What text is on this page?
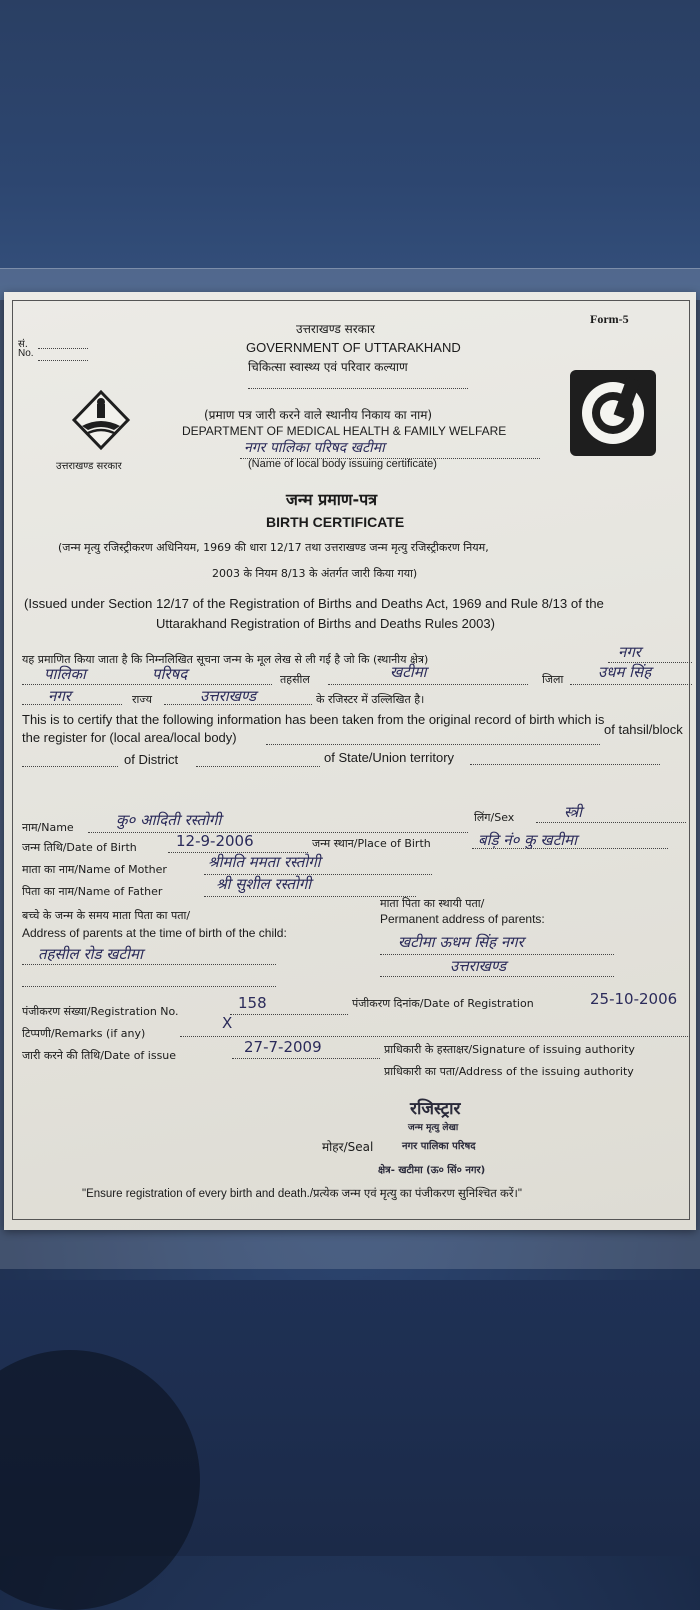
सं.
No.
Form-5
उत्तराखण्ड सरकार
GOVERNMENT OF UTTARAKHAND
चिकित्सा स्वास्थ्य एवं परिवार कल्याण
(प्रमाण पत्र जारी करने वाले स्थानीय निकाय का नाम)
DEPARTMENT OF MEDICAL HEALTH & FAMILY WELFARE
नगर पालिका परिषद खटीमा
(Name of local body issuing certificate)
उत्तराखण्ड सरकार
जन्म प्रमाण-पत्र
BIRTH CERTIFICATE
(जन्म मृत्यु रजिस्ट्रीकरण अधिनियम, 1969 की धारा 12/17 तथा उत्तराखण्ड जन्म मृत्यु रजिस्ट्रीकरण नियम,
2003 के नियम 8/13 के अंतर्गत जारी किया गया)
(Issued under Section 12/17 of the Registration of Births and Deaths Act, 1969 and Rule 8/13 of the
Uttarakhand Registration of Births and Deaths Rules 2003)
यह प्रमाणित किया जाता है कि निम्नलिखित सूचना जन्म के मूल लेख से ली गई है जो कि (स्थानीय क्षेत्र)	नगर
पालिका	परिषद	तहसील	खटीमा	जिला उधम सिंह
नगर	राज्य	उत्तराखण्ड	के रजिस्टर में उल्लिखित है।
This is to certify that the following information has been taken from the original record of birth which is
the register for (local area/local body)
of tahsil/block
of District	of State/Union territory
नाम/Name	कु० आदिती रस्तोगी	लिंग/Sex	स्त्री
जन्म तिथि/Date of Birth	12-9-2006	जन्म स्थान/Place of Birth	बड़ि नं० कु खटीमा
माता का नाम/Name of Mother	श्रीमति ममता रस्तोगी
पिता का नाम/Name of Father	श्री सुशील रस्तोगी
बच्चे के जन्म के समय माता पिता का पता/
Address of parents at the time of birth of the child:
तहसील रोड खटीमा
माता पिता का स्थायी पता/
Permanent address of parents:
खटीमा ऊधम सिंह नगर
उत्तराखण्ड
पंजीकरण संख्या/Registration No.	158	पंजीकरण दिनांक/Date of Registration	25-10-2006
टिप्पणी/Remarks (if any)
X
जारी करने की तिथि/Date of issue	27-7-2009	प्राधिकारी के हस्ताक्षर/Signature of issuing authority
प्राधिकारी का पता/Address of the issuing authority
मोहर/Seal
रजिस्ट्रार
जन्म मृत्यु लेखा
नगर पालिका परिषद
क्षेत्र- खटीमा (ऊ० सिं० नगर)
"Ensure registration of every birth and death./प्रत्येक जन्म एवं मृत्यु का पंजीकरण सुनिश्चित करें।"
